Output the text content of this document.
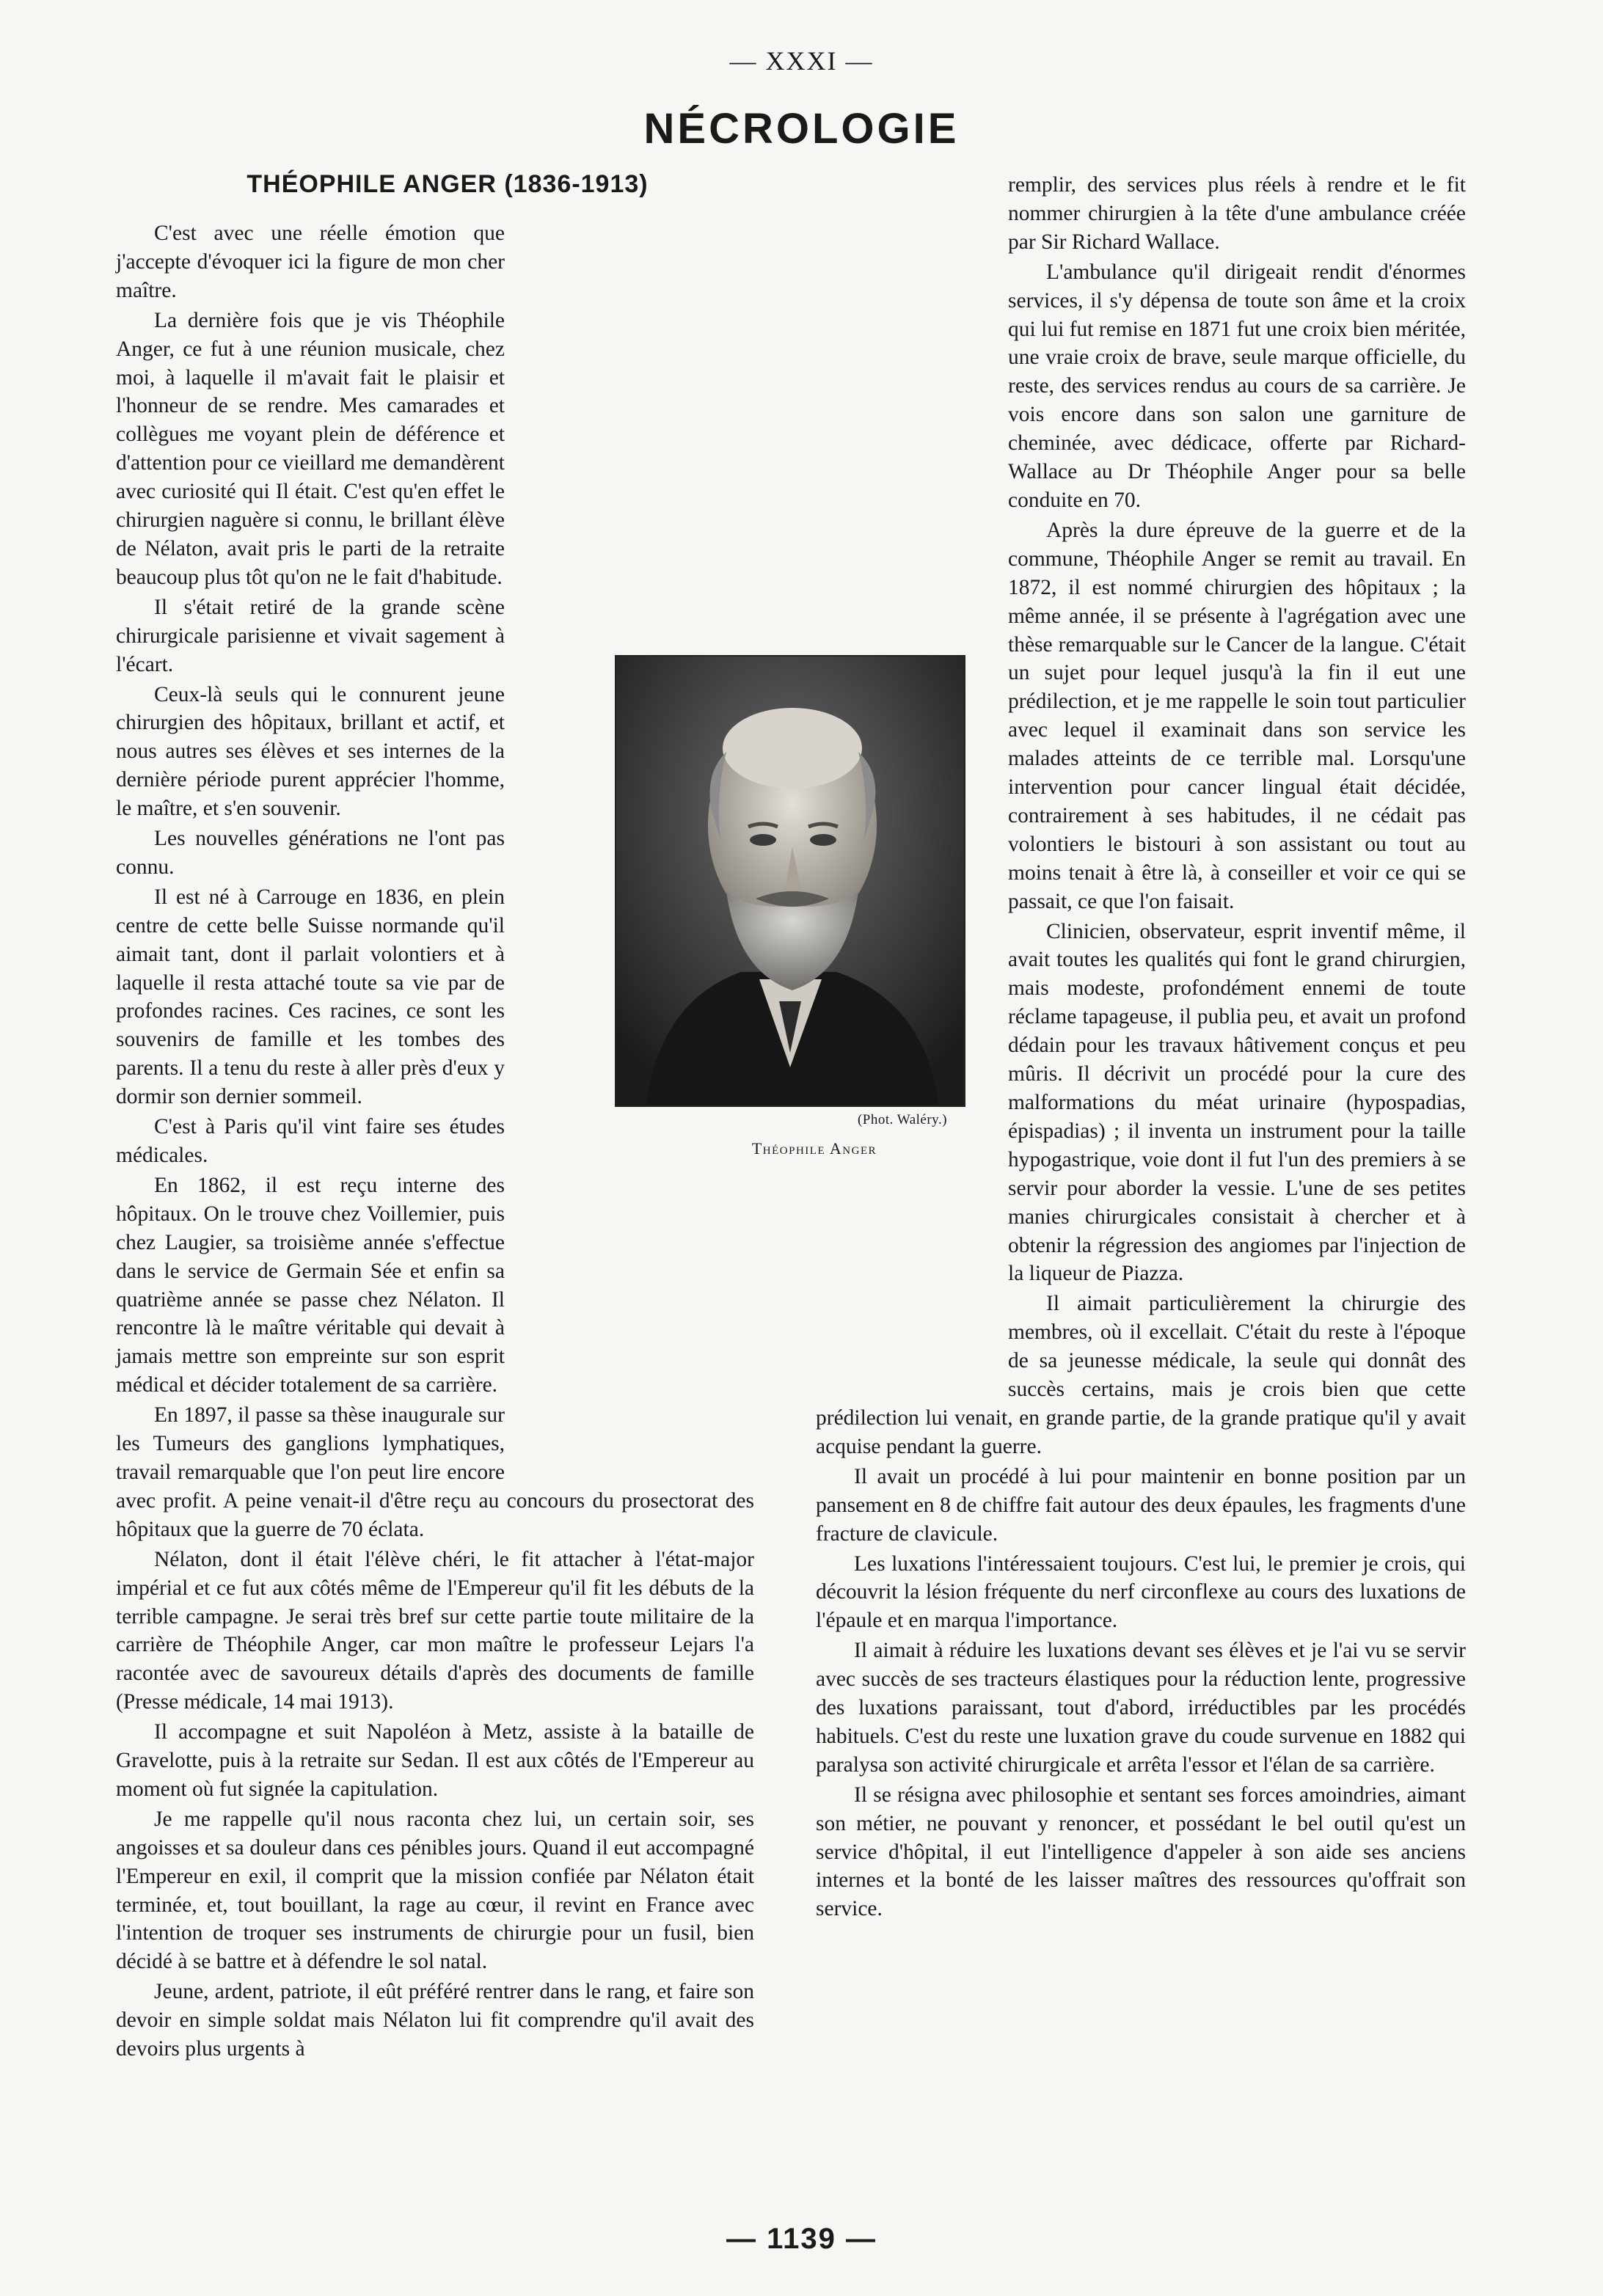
— XXXI —
NÉCROLOGIE
THÉOPHILE ANGER (1836-1913)

C'est avec une réelle émotion que j'accepte d'évoquer ici la figure de mon cher maître.

La dernière fois que je vis Théophile Anger, ce fut à une réunion musicale, chez moi, à laquelle il m'avait fait le plaisir et l'honneur de se rendre. Mes camarades et collègues me voyant plein de déférence et d'attention pour ce vieillard me demandèrent avec curiosité qui Il était. C'est qu'en effet le chirurgien naguère si connu, le brillant élève de Nélaton, avait pris le parti de la retraite beaucoup plus tôt qu'on ne le fait d'habitude.

Il s'était retiré de la grande scène chirurgicale parisienne et vivait sagement à l'écart.

Ceux-là seuls qui le connurent jeune chirurgien des hôpitaux, brillant et actif, et nous autres ses élèves et ses internes de la dernière période purent apprécier l'homme, le maître, et s'en souvenir.

Les nouvelles générations ne l'ont pas connu.

Il est né à Carrouge en 1836, en plein centre de cette belle Suisse normande qu'il aimait tant, dont il parlait volontiers et à laquelle il resta attaché toute sa vie par de profondes racines. Ces racines, ce sont les souvenirs de famille et les tombes des parents. Il a tenu du reste à aller près d'eux y dormir son dernier sommeil.

C'est à Paris qu'il vint faire ses études médicales.

En 1862, il est reçu interne des hôpitaux. On le trouve chez Voillemier, puis chez Laugier, sa troisième année s'effectue dans le service de Germain Sée et enfin sa quatrième année se passe chez Nélaton. Il rencontre là le maître véritable qui devait à jamais mettre son empreinte sur son esprit médical et décider totalement de sa carrière.

En 1897, il passe sa thèse inaugurale sur les Tumeurs des ganglions lymphatiques, travail remarquable que l'on peut lire encore avec profit. A peine venait-il d'être reçu au concours du prosectorat des hôpitaux que la guerre de 70 éclata.

Nélaton, dont il était l'élève chéri, le fit attacher à l'état-major impérial et ce fut aux côtés même de l'Empereur qu'il fit les débuts de la terrible campagne. Je serai très bref sur cette partie toute militaire de la carrière de Théophile Anger, car mon maître le professeur Lejars l'a racontée avec de savoureux détails d'après des documents de famille (Presse médicale, 14 mai 1913).

Il accompagne et suit Napoléon à Metz, assiste à la bataille de Gravelotte, puis à la retraite sur Sedan. Il est aux côtés de l'Empereur au moment où fut signée la capitulation.

Je me rappelle qu'il nous raconta chez lui, un certain soir, ses angoisses et sa douleur dans ces pénibles jours. Quand il eut accompagné l'Empereur en exil, il comprit que la mission confiée par Nélaton était terminée, et, tout bouillant, la rage au cœur, il revint en France avec l'intention de troquer ses instruments de chirurgie pour un fusil, bien décidé à se battre et à défendre le sol natal.

Jeune, ardent, patriote, il eût préféré rentrer dans le rang, et faire son devoir en simple soldat mais Nélaton lui fit comprendre qu'il avait des devoirs plus urgents à

remplir, des services plus réels à rendre et le fit nommer chirurgien à la tête d'une ambulance créée par Sir Richard Wallace.

L'ambulance qu'il dirigeait rendit d'énormes services, il s'y dépensa de toute son âme et la croix qui lui fut remise en 1871 fut une croix bien méritée, une vraie croix de brave, seule marque officielle, du reste, des services rendus au cours de sa carrière. Je vois encore dans son salon une garniture de cheminée, avec dédicace, offerte par Richard-Wallace au Dr Théophile Anger pour sa belle conduite en 70.

Après la dure épreuve de la guerre et de la commune, Théophile Anger se remit au travail. En 1872, il est nommé chirurgien des hôpitaux ; la même année, il se présente à l'agrégation avec une thèse remarquable sur le Cancer de la langue. C'était un sujet pour lequel jusqu'à la fin il eut une prédilection, et je me rappelle le soin tout particulier avec lequel il examinait dans son service les malades atteints de ce terrible mal. Lorsqu'une intervention pour cancer lingual était décidée, contrairement à ses habitudes, il ne cédait pas volontiers le bistouri à son assistant ou tout au moins tenait à être là, à conseiller et voir ce qui se passait, ce que l'on faisait.

Clinicien, observateur, esprit inventif même, il avait toutes les qualités qui font le grand chirurgien, mais modeste, profondément ennemi de toute réclame tapageuse, il publia peu, et avait un profond dédain pour les travaux hâtivement conçus et peu mûris. Il décrivit un procédé pour la cure des malformations du méat urinaire (hypospadias, épispadias) ; il inventa un instrument pour la taille hypogastrique, voie dont il fut l'un des premiers à se servir pour aborder la vessie. L'une de ses petites manies chirurgicales consistait à chercher et à obtenir la régression des angiomes par l'injection de la liqueur de Piazza.

Il aimait particulièrement la chirurgie des membres, où il excellait. C'était du reste à l'époque de sa jeunesse médicale, la seule qui donnât des succès certains, mais je crois bien que cette prédilection lui venait, en grande partie, de la grande pratique qu'il y avait acquise pendant la guerre.

Il avait un procédé à lui pour maintenir en bonne position par un pansement en 8 de chiffre fait autour des deux épaules, les fragments d'une fracture de clavicule.

Les luxations l'intéressaient toujours. C'est lui, le premier je crois, qui découvrit la lésion fréquente du nerf circonflexe au cours des luxations de l'épaule et en marqua l'importance.

Il aimait à réduire les luxations devant ses élèves et je l'ai vu se servir avec succès de ses tracteurs élastiques pour la réduction lente, progressive des luxations paraissant, tout d'abord, irréductibles par les procédés habituels. C'est du reste une luxation grave du coude survenue en 1882 qui paralysa son activité chirurgicale et arrêta l'essor et l'élan de sa carrière.

Il se résigna avec philosophie et sentant ses forces amoindries, aimant son métier, ne pouvant y renoncer, et possédant le bel outil qu'est un service d'hôpital, il eut l'intelligence d'appeler à son aide ses anciens internes et la bonté de les laisser maîtres des ressources qu'offrait son service.

(Phot. Waléry.)
Théophile Anger
— 1139 —
